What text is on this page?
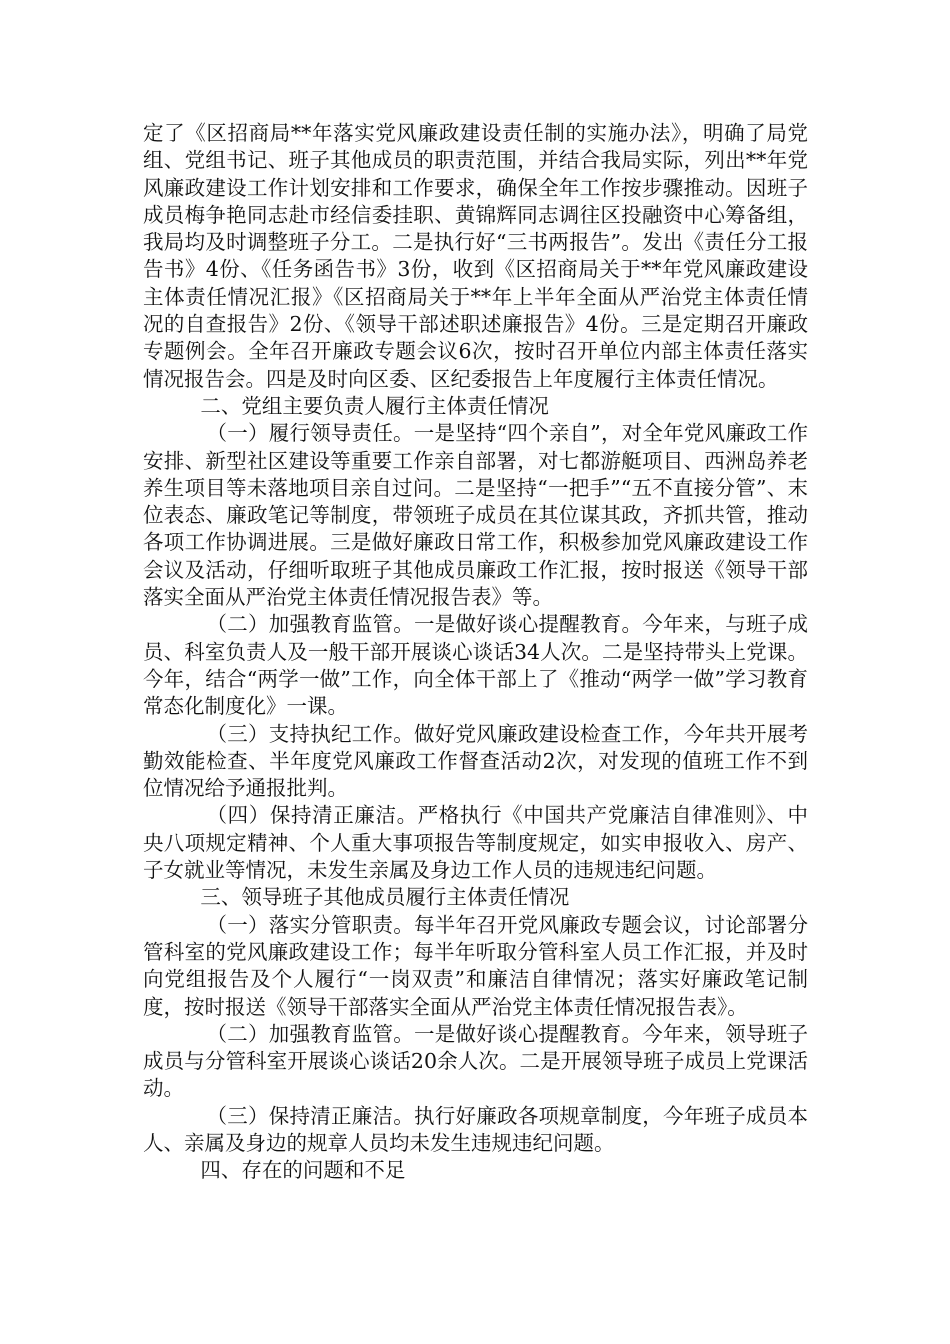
定了《区招商局**年落实党风廉政建设责任制的实施办法》，明确了局党组、党组书记、班子其他成员的职责范围，并结合我局实际，列出**年党风廉政建设工作计划安排和工作要求，确保全年工作按步骤推动。因班子成员梅争艳同志赴市经信委挂职、黄锦辉同志调往区投融资中心筹备组，我局均及时调整班子分工。二是执行好“三书两报告”。发出《责任分工报告书》4份、《任务函告书》3份，收到《区招商局关于**年党风廉政建设主体责任情况汇报》《区招商局关于**年上半年全面从严治党主体责任情况的自查报告》2份、《领导干部述职述廉报告》4份。三是定期召开廉政专题例会。全年召开廉政专题会议6次，按时召开单位内部主体责任落实情况报告会。四是及时向区委、区纪委报告上年度履行主体责任情况。

二、党组主要负责人履行主体责任情况

（一）履行领导责任。一是坚持“四个亲自”，对全年党风廉政工作安排、新型社区建设等重要工作亲自部署，对七都游艇项目、西洲岛养老养生项目等未落地项目亲自过问。二是坚持“一把手”“五不直接分管”、末位表态、廉政笔记等制度，带领班子成员在其位谋其政，齐抓共管，推动各项工作协调进展。三是做好廉政日常工作，积极参加党风廉政建设工作会议及活动，仔细听取班子其他成员廉政工作汇报，按时报送《领导干部落实全面从严治党主体责任情况报告表》等。

（二）加强教育监管。一是做好谈心提醒教育。今年来，与班子成员、科室负责人及一般干部开展谈心谈话34人次。二是坚持带头上党课。今年，结合“两学一做”工作，向全体干部上了《推动“两学一做”学习教育常态化制度化》一课。

（三）支持执纪工作。做好党风廉政建设检查工作，今年共开展考勤效能检查、半年度党风廉政工作督查活动2次，对发现的值班工作不到位情况给予通报批判。

（四）保持清正廉洁。严格执行《中国共产党廉洁自律准则》、中央八项规定精神、个人重大事项报告等制度规定，如实申报收入、房产、子女就业等情况，未发生亲属及身边工作人员的违规违纪问题。

三、领导班子其他成员履行主体责任情况

（一）落实分管职责。每半年召开党风廉政专题会议，讨论部署分管科室的党风廉政建设工作；每半年听取分管科室人员工作汇报，并及时向党组报告及个人履行“一岗双责”和廉洁自律情况；落实好廉政笔记制度，按时报送《领导干部落实全面从严治党主体责任情况报告表》。

（二）加强教育监管。一是做好谈心提醒教育。今年来，领导班子成员与分管科室开展谈心谈话20余人次。二是开展领导班子成员上党课活动。

（三）保持清正廉洁。执行好廉政各项规章制度，今年班子成员本人、亲属及身边的规章人员均未发生违规违纪问题。

四、存在的问题和不足
